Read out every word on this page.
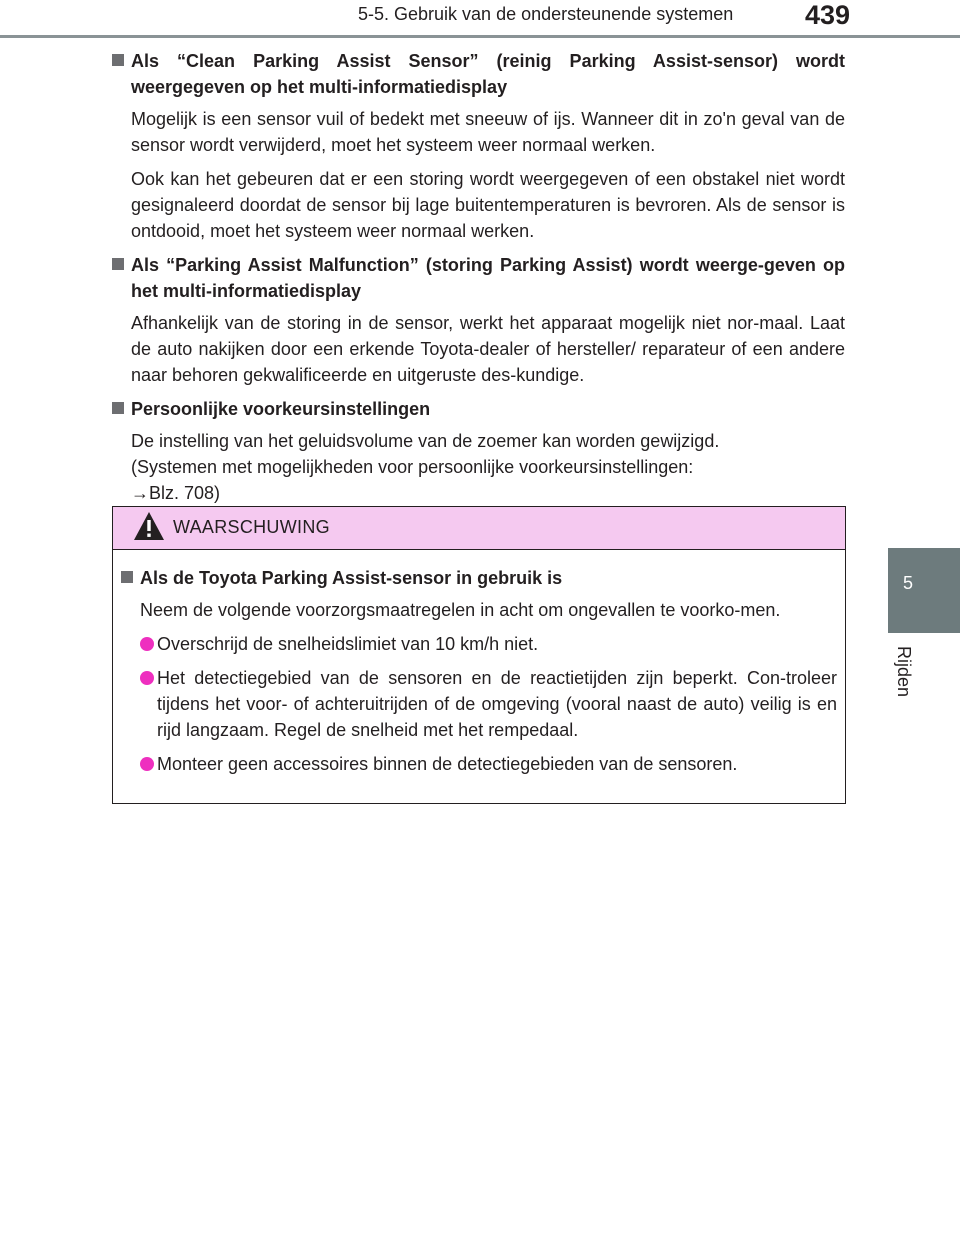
5-5. Gebruik van de ondersteunende systemen	439
5
Rijden
Als “Clean Parking Assist Sensor” (reinig Parking Assist-sensor) wordt weergegeven op het multi-informatiedisplay

Mogelijk is een sensor vuil of bedekt met sneeuw of ijs. Wanneer dit in zo'n geval van de sensor wordt verwijderd, moet het systeem weer normaal werken.

Ook kan het gebeuren dat er een storing wordt weergegeven of een obstakel niet wordt gesignaleerd doordat de sensor bij lage buitentemperaturen is bevroren. Als de sensor is ontdooid, moet het systeem weer normaal werken.

Als “Parking Assist Malfunction” (storing Parking Assist) wordt weerge-geven op het multi-informatiedisplay

Afhankelijk van de storing in de sensor, werkt het apparaat mogelijk niet nor-maal. Laat de auto nakijken door een erkende Toyota-dealer of hersteller/ reparateur of een andere naar behoren gekwalificeerde en uitgeruste des-kundige.

Persoonlijke voorkeursinstellingen

De instelling van het geluidsvolume van de zoemer kan worden gewijzigd.

(Systemen met mogelijkheden voor persoonlijke voorkeursinstellingen:

→Blz. 708)

WAARSCHUWING
Als de Toyota Parking Assist-sensor in gebruik is

Neem de volgende voorzorgsmaatregelen in acht om ongevallen te voorko-men.

Overschrijd de snelheidslimiet van 10 km/h niet.
Het detectiegebied van de sensoren en de reactietijden zijn beperkt. Con-troleer tijdens het voor- of achteruitrijden of de omgeving (vooral naast de auto) veilig is en rijd langzaam. Regel de snelheid met het rempedaal.
Monteer geen accessoires binnen de detectiegebieden van de sensoren.
